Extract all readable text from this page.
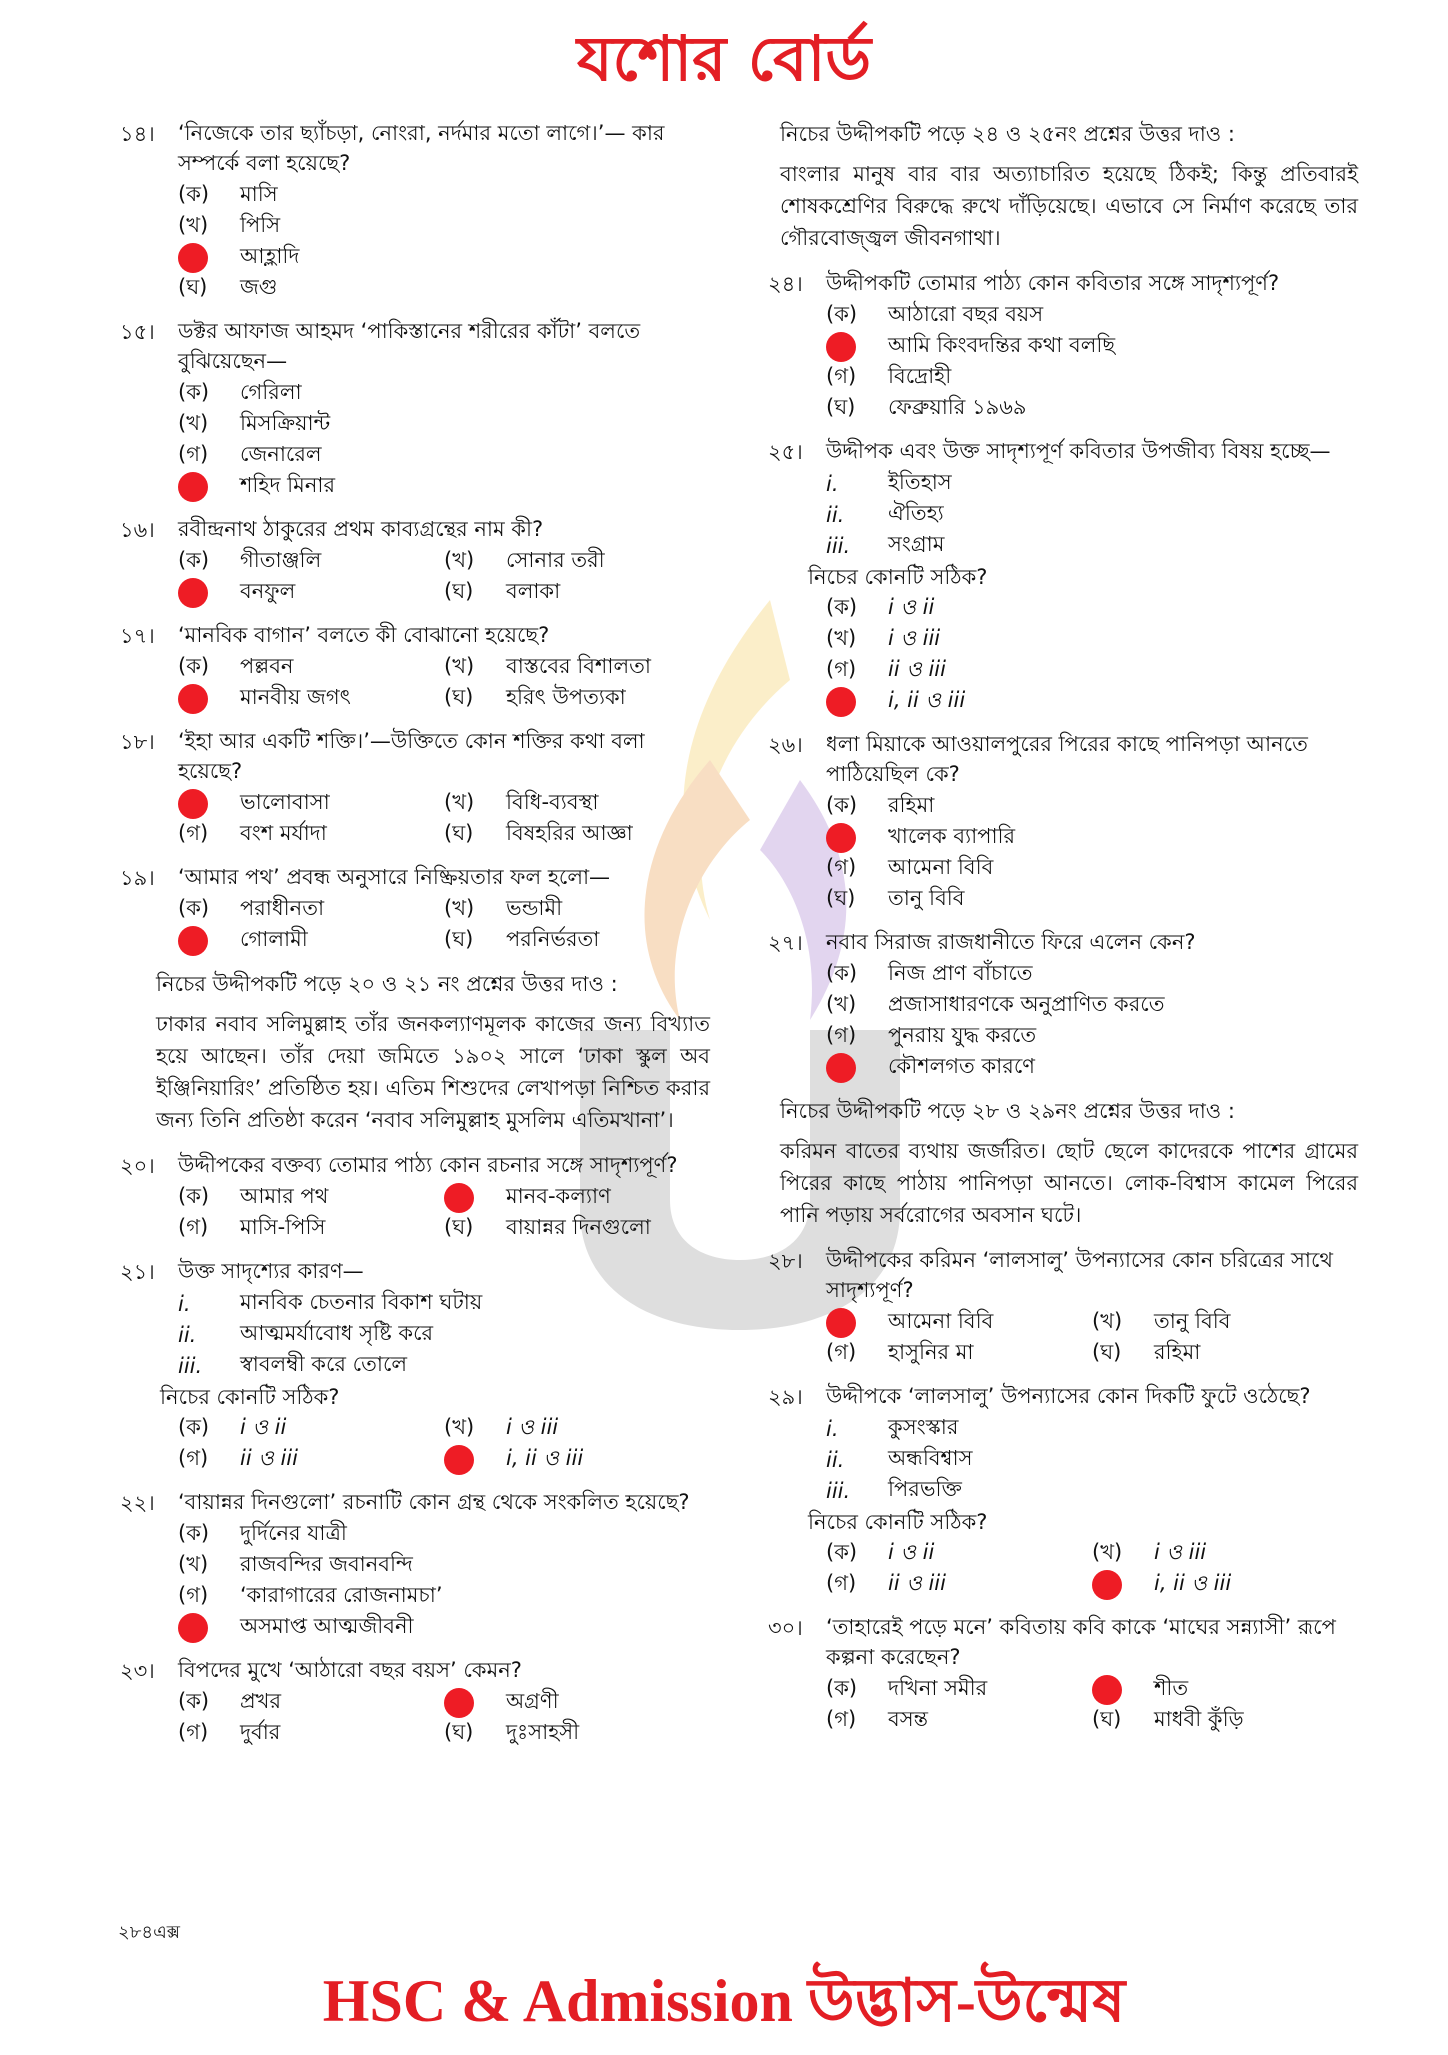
যশোর বোর্ড
১৪।	‘নিজেকে তার ছ্যাঁচড়া, নোংরা, নর্দমার মতো লাগে।’— কার সম্পর্কে বলা হয়েছে?
(ক)	মাসি
(খ)	পিসি
আহ্লাদি
(ঘ)	জগু
১৫।	ডক্টর আফাজ আহমদ ‘পাকিস্তানের শরীরের কাঁটা’ বলতে বুঝিয়েছেন—
(ক)	গেরিলা
(খ)	মিসক্রিয়ান্ট
(গ)	জেনারেল
শহিদ মিনার
১৬।	রবীন্দ্রনাথ ঠাকুরের প্রথম কাব্যগ্রন্থের নাম কী?
(ক)	গীতাঞ্জলি	(খ)	সোনার তরী
বনফুল	(ঘ)	বলাকা
১৭।	‘মানবিক বাগান’ বলতে কী বোঝানো হয়েছে?
(ক)	পল্লবন	(খ)	বাস্তবের বিশালতা
মানবীয় জগৎ	(ঘ)	হরিৎ উপত্যকা
১৮।	‘ইহা আর একটি শক্তি।’—উক্তিতে কোন শক্তির কথা বলা হয়েছে?
ভালোবাসা	(খ)	বিধি-ব্যবস্থা
(গ)	বংশ মর্যাদা	(ঘ)	বিষহরির আজ্ঞা
১৯।	‘আমার পথ’ প্রবন্ধ অনুসারে নিষ্ক্রিয়তার ফল হলো—
(ক)	পরাধীনতা	(খ)	ভন্ডামী
গোলামী	(ঘ)	পরনির্ভরতা
নিচের উদ্দীপকটি পড়ে ২০ ও ২১ নং প্রশ্নের উত্তর দাও :
ঢাকার নবাব সলিমুল্লাহ তাঁর জনকল্যাণমূলক কাজের জন্য বিখ্যাত হয়ে আছেন। তাঁর দেয়া জমিতে ১৯০২ সালে ‘ঢাকা স্কুল অব ইঞ্জিনিয়ারিং’ প্রতিষ্ঠিত হয়। এতিম শিশুদের লেখাপড়া নিশ্চিত করার জন্য তিনি প্রতিষ্ঠা করেন ‘নবাব সলিমুল্লাহ মুসলিম এতিমখানা’।
২০।	উদ্দীপকের বক্তব্য তোমার পাঠ্য কোন রচনার সঙ্গে সাদৃশ্যপূর্ণ?
(ক)	আমার পথ	মানব-কল্যাণ
(গ)	মাসি-পিসি	(ঘ)	বায়ান্নর দিনগুলো
২১।	উক্ত সাদৃশ্যের কারণ—
i.	মানবিক চেতনার বিকাশ ঘটায়
ii.	আত্মমর্যাবোধ সৃষ্টি করে
iii.	স্বাবলম্বী করে তোলে
নিচের কোনটি সঠিক?
(ক)	i ও ii	(খ)	i ও iii
(গ)	ii ও iii	i, ii ও iii
২২।	‘বায়ান্নর দিনগুলো’ রচনাটি কোন গ্রন্থ থেকে সংকলিত হয়েছে?
(ক)	দুর্দিনের যাত্রী
(খ)	রাজবন্দির জবানবন্দি
(গ)	‘কারাগারের রোজনামচা’
অসমাপ্ত আত্মজীবনী
২৩।	বিপদের মুখে ‘আঠারো বছর বয়স’ কেমন?
(ক)	প্রখর	অগ্রণী
(গ)	দুর্বার	(ঘ)	দুঃসাহসী
নিচের উদ্দীপকটি পড়ে ২৪ ও ২৫নং প্রশ্নের উত্তর দাও :
বাংলার মানুষ বার বার অত্যাচারিত হয়েছে ঠিকই; কিন্তু প্রতিবারই শোষকশ্রেণির বিরুদ্ধে রুখে দাঁড়িয়েছে। এভাবে সে নির্মাণ করেছে তার গৌরবোজ্জ্বল জীবনগাথা।
২৪।	উদ্দীপকটি তোমার পাঠ্য কোন কবিতার সঙ্গে সাদৃশ্যপূর্ণ?
(ক)	আঠারো বছর বয়স
আমি কিংবদন্তির কথা বলছি
(গ)	বিদ্রোহী
(ঘ)	ফেব্রুয়ারি ১৯৬৯
২৫।	উদ্দীপক এবং উক্ত সাদৃশ্যপূর্ণ কবিতার উপজীব্য বিষয় হচ্ছে—
i.	ইতিহাস
ii.	ঐতিহ্য
iii.	সংগ্রাম
নিচের কোনটি সঠিক?
(ক)	i ও ii
(খ)	i ও iii
(গ)	ii ও iii
i, ii ও iii
২৬।	ধলা মিয়াকে আওয়ালপুরের পিরের কাছে পানিপড়া আনতে পাঠিয়েছিল কে?
(ক)	রহিমা
খালেক ব্যাপারি
(গ)	আমেনা বিবি
(ঘ)	তানু বিবি
২৭।	নবাব সিরাজ রাজধানীতে ফিরে এলেন কেন?
(ক)	নিজ প্রাণ বাঁচাতে
(খ)	প্রজাসাধারণকে অনুপ্রাণিত করতে
(গ)	পুনরায় যুদ্ধ করতে
কৌশলগত কারণে
নিচের উদ্দীপকটি পড়ে ২৮ ও ২৯নং প্রশ্নের উত্তর দাও :
করিমন বাতের ব্যথায় জর্জরিত। ছোট ছেলে কাদেরকে পাশের গ্রামের পিরের কাছে পাঠায় পানিপড়া আনতে। লোক-বিশ্বাস কামেল পিরের পানি পড়ায় সর্বরোগের অবসান ঘটে।
২৮।	উদ্দীপকের করিমন ‘লালসালু’ উপন্যাসের কোন চরিত্রের সাথে সাদৃশ্যপূর্ণ?
আমেনা বিবি	(খ)	তানু বিবি
(গ)	হাসুনির মা	(ঘ)	রহিমা
২৯।	উদ্দীপকে ‘লালসালু’ উপন্যাসের কোন দিকটি ফুটে ওঠেছে?
i.	কুসংস্কার
ii.	অন্ধবিশ্বাস
iii.	পিরভক্তি
নিচের কোনটি সঠিক?
(ক)	i ও ii	(খ)	i ও iii
(গ)	ii ও iii	i, ii ও iii
৩০।	‘তাহারেই পড়ে মনে’ কবিতায় কবি কাকে ‘মাঘের সন্ন্যাসী’ রূপে কল্পনা করেছেন?
(ক)	দখিনা সমীর	শীত
(গ)	বসন্ত	(ঘ)	মাধবী কুঁড়ি
২৮৪এক্স
HSC & Admission উদ্ভাস-উন্মেষ
